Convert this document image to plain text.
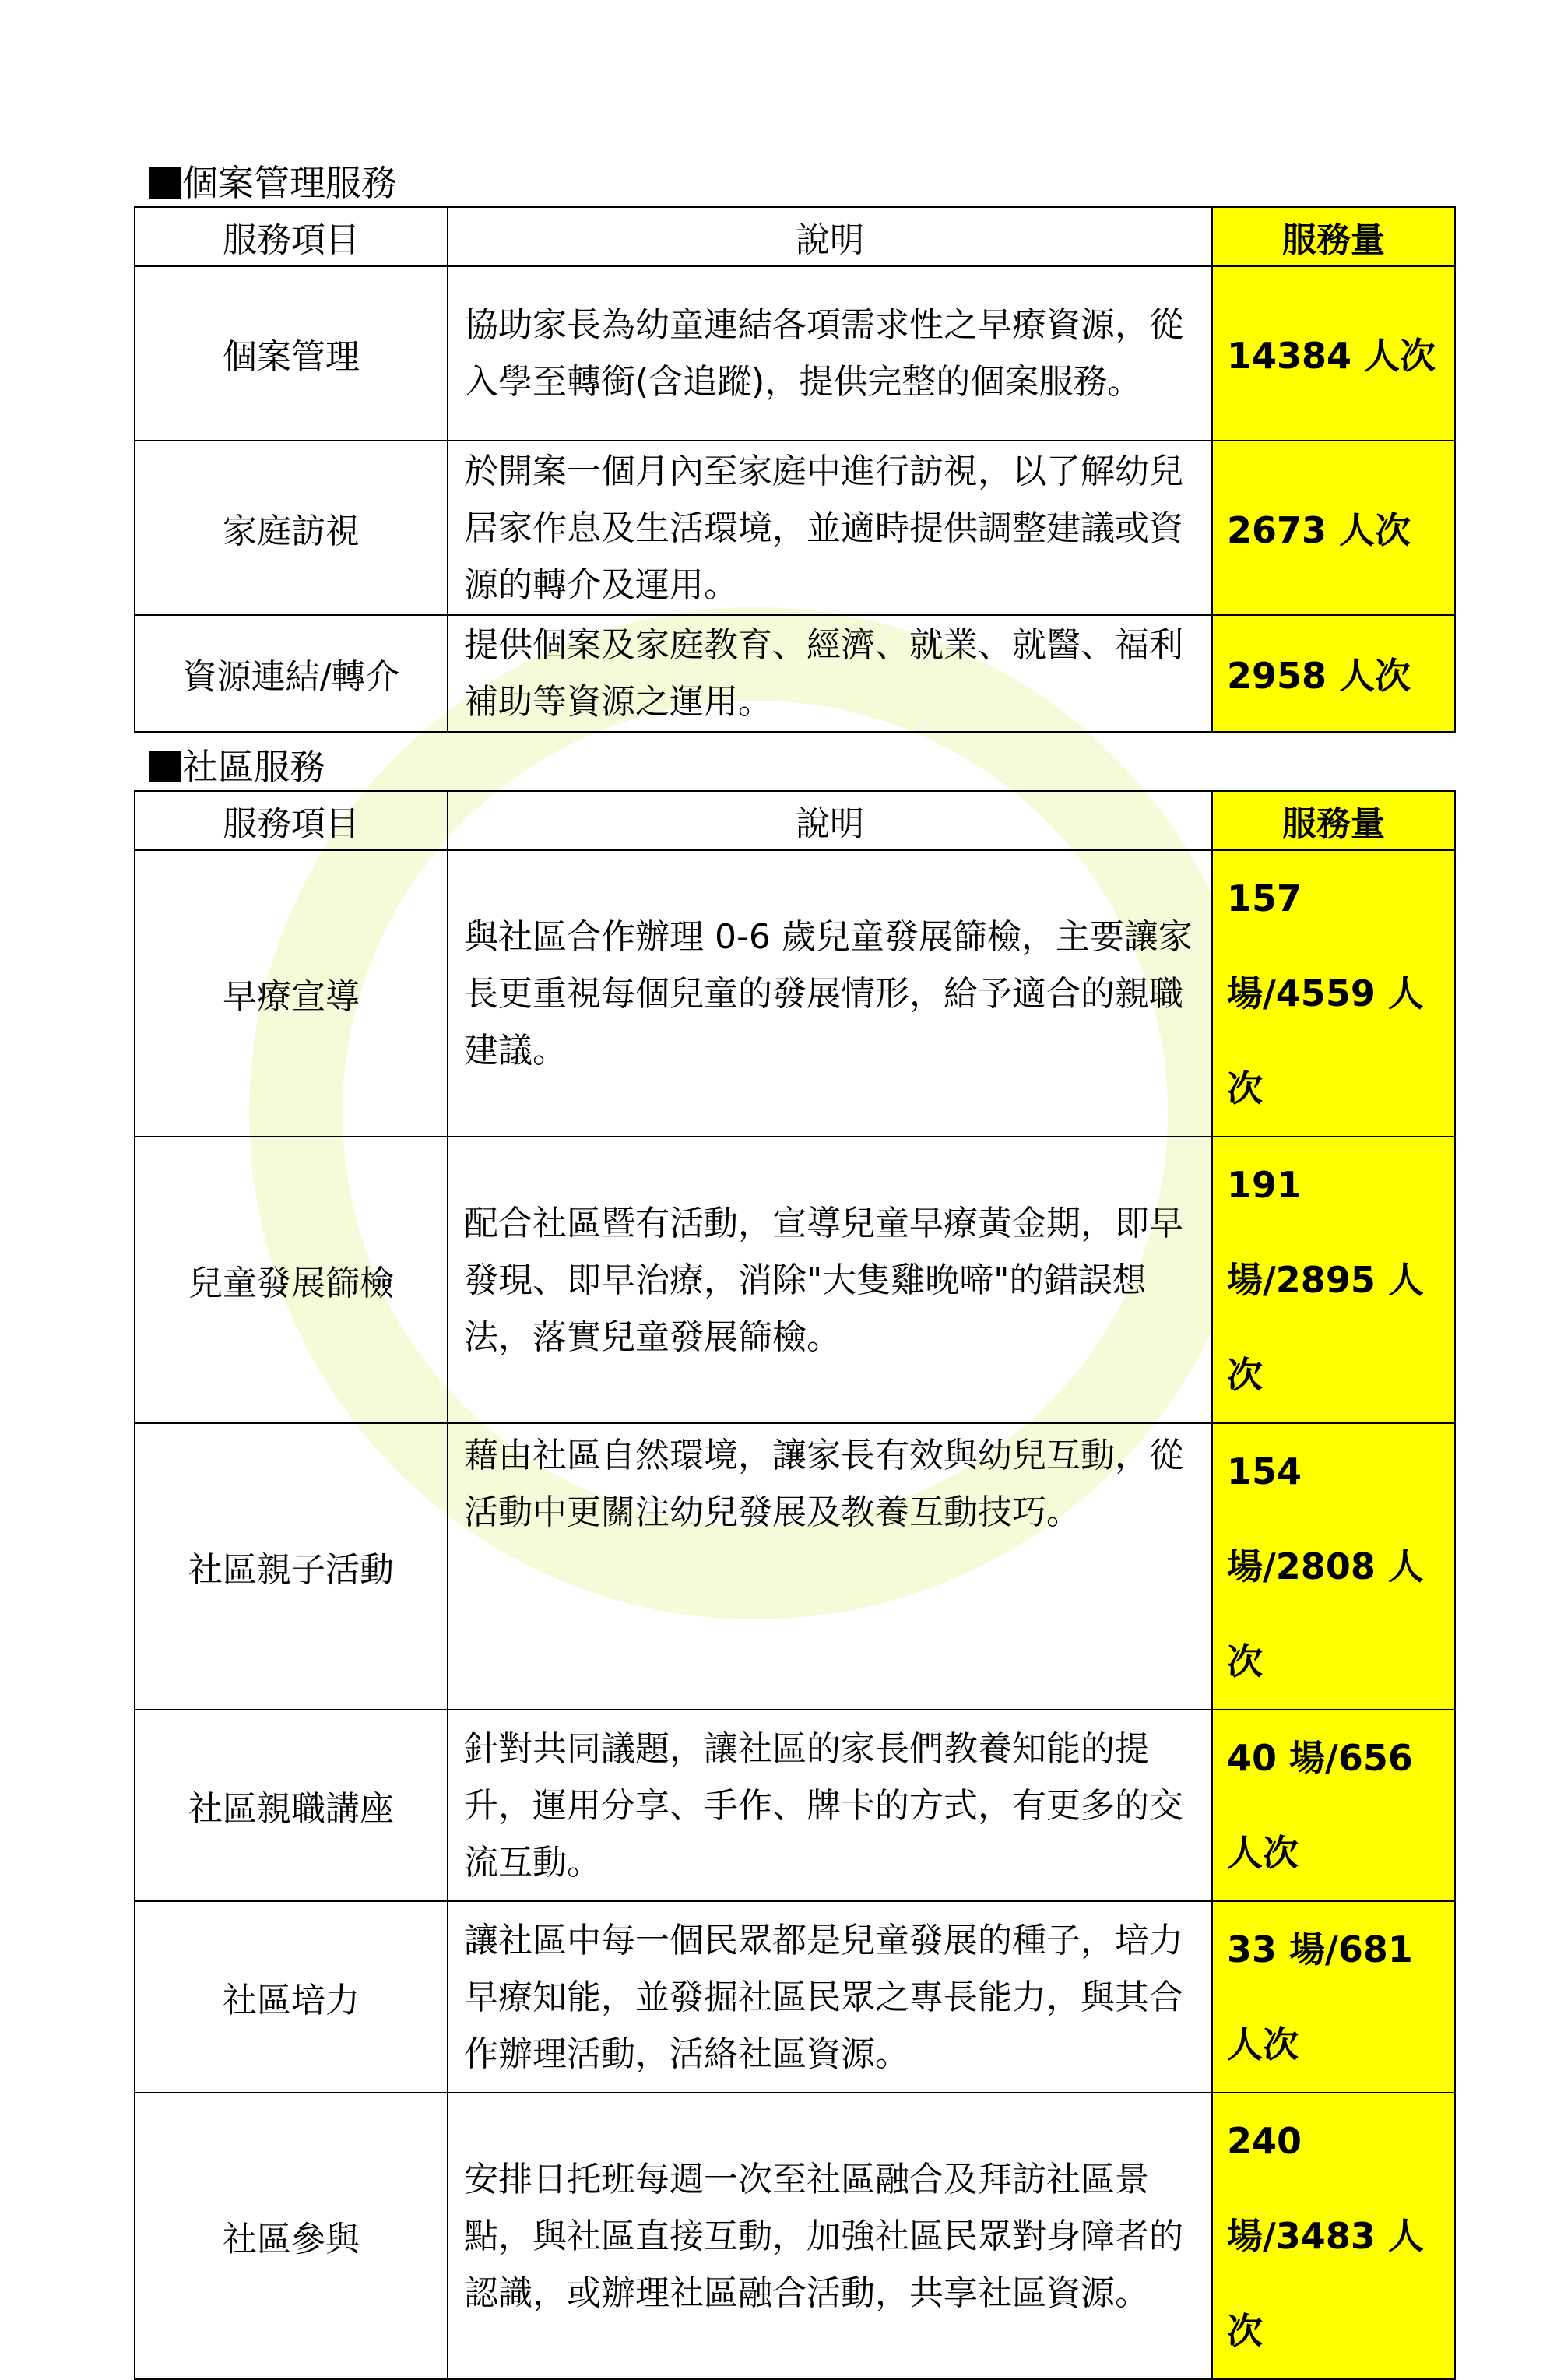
個案管理服務
服務項目	說明	服務量
個案管理	協助家長為幼童連結各項需求性之早療資源，從入學至轉銜(含追蹤)，提供完整的個案服務。	14384 人次
家庭訪視	於開案一個月內至家庭中進行訪視，以了解幼兒居家作息及生活環境，並適時提供調整建議或資源的轉介及運用。	2673 人次
資源連結/轉介	提供個案及家庭教育、經濟、就業、就醫、福利補助等資源之運用。	2958 人次
社區服務
服務項目	說明	服務量
早療宣導	與社區合作辦理 0-6 歲兒童發展篩檢，主要讓家長更重視每個兒童的發展情形，給予適合的親職建議。	157 場/4559 人次
兒童發展篩檢	配合社區暨有活動，宣導兒童早療黃金期，即早發現、即早治療，消除"大隻雞晚啼"的錯誤想法，落實兒童發展篩檢。	191 場/2895 人次
社區親子活動	藉由社區自然環境，讓家長有效與幼兒互動，從活動中更關注幼兒發展及教養互動技巧。	154 場/2808 人次
社區親職講座	針對共同議題，讓社區的家長們教養知能的提升，運用分享、手作、牌卡的方式，有更多的交流互動。	40 場/656 人次
社區培力	讓社區中每一個民眾都是兒童發展的種子，培力早療知能，並發掘社區民眾之專長能力，與其合作辦理活動，活絡社區資源。	33 場/681 人次
社區參與	安排日托班每週一次至社區融合及拜訪社區景點，與社區直接互動，加強社區民眾對身障者的認識，或辦理社區融合活動，共享社區資源。	240 場/3483 人次
